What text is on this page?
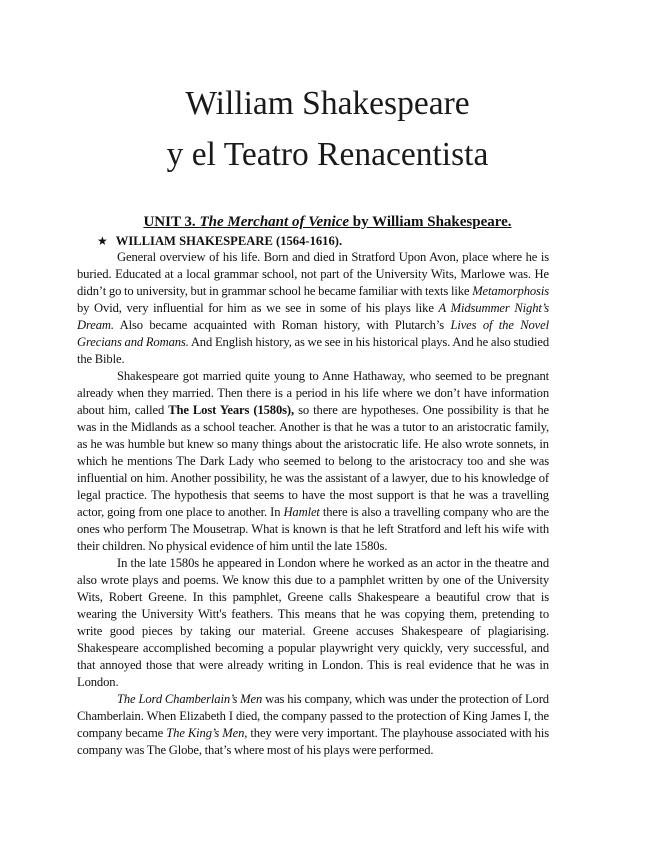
William Shakespeare
y el Teatro Renacentista
UNIT 3. The Merchant of Venice by William Shakespeare.
★ WILLIAM SHAKESPEARE (1564-1616).

General overview of his life. Born and died in Stratford Upon Avon, place where he is buried. Educated at a local grammar school, not part of the University Wits, Marlowe was. He didn’t go to university, but in grammar school he became familiar with texts like Metamorphosis by Ovid, very influential for him as we see in some of his plays like A Midsummer Night’s Dream. Also became acquainted with Roman history, with Plutarch’s Lives of the Novel Grecians and Romans. And English history, as we see in his historical plays. And he also studied the Bible.

Shakespeare got married quite young to Anne Hathaway, who seemed to be pregnant already when they married. Then there is a period in his life where we don’t have information about him, called The Lost Years (1580s), so there are hypotheses. One possibility is that he was in the Midlands as a school teacher. Another is that he was a tutor to an aristocratic family, as he was humble but knew so many things about the aristocratic life. He also wrote sonnets, in which he mentions The Dark Lady who seemed to belong to the aristocracy too and she was influential on him. Another possibility, he was the assistant of a lawyer, due to his knowledge of legal practice. The hypothesis that seems to have the most support is that he was a travelling actor, going from one place to another. In Hamlet there is also a travelling company who are the ones who perform The Mousetrap. What is known is that he left Stratford and left his wife with their children. No physical evidence of him until the late 1580s.

In the late 1580s he appeared in London where he worked as an actor in the theatre and also wrote plays and poems. We know this due to a pamphlet written by one of the University Wits, Robert Greene. In this pamphlet, Greene calls Shakespeare a beautiful crow that is wearing the University Witt's feathers. This means that he was copying them, pretending to write good pieces by taking our material. Greene accuses Shakespeare of plagiarising. Shakespeare accomplished becoming a popular playwright very quickly, very successful, and that annoyed those that were already writing in London. This is real evidence that he was in London.

The Lord Chamberlain’s Men was his company, which was under the protection of Lord Chamberlain. When Elizabeth I died, the company passed to the protection of King James I, the company became The King’s Men, they were very important. The playhouse associated with his company was The Globe, that’s where most of his plays were performed.
